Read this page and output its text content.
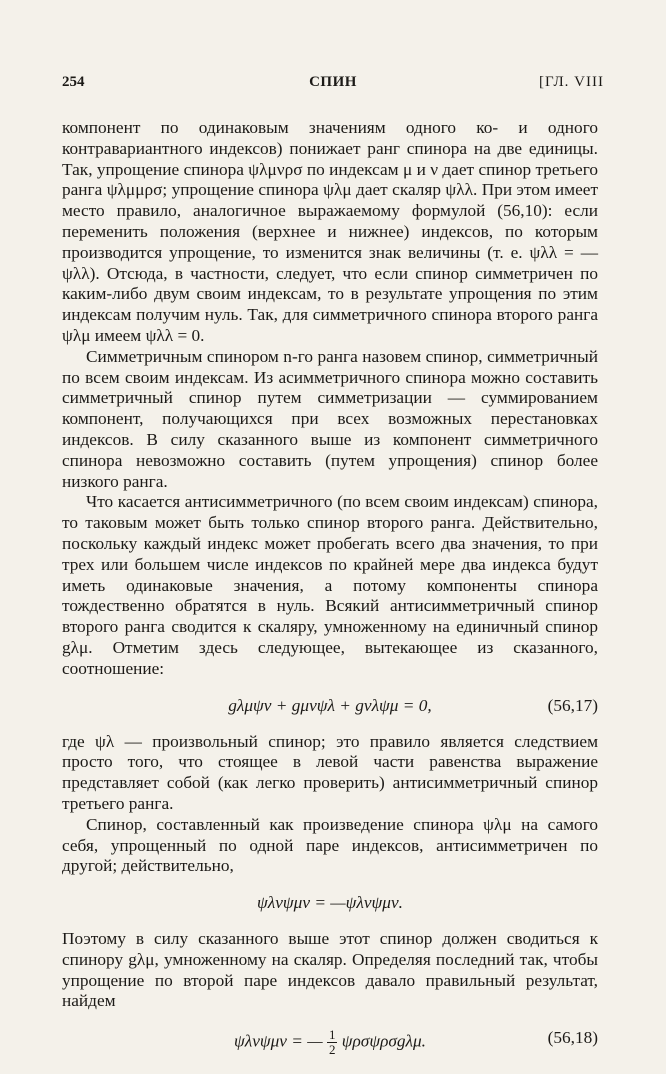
254	СПИН	[ГЛ. VIII

компонент по одинаковым значениям одного ко- и одного контравариантного индексов) понижает ранг спинора на две единицы. Так, упрощение спинора ψλμνρσ по индексам μ и ν дает спинор третьего ранга ψλμμρσ; упрощение спинора ψλμ дает скаляр ψλλ. При этом имеет место правило, аналогичное выражаемому формулой (56,10): если переменить положения (верхнее и нижнее) индексов, по которым производится упрощение, то изменится знак величины (т. е. ψλλ = — ψλλ). Отсюда, в частности, следует, что если спинор симметричен по каким-либо двум своим индексам, то в результате упрощения по этим индексам получим нуль. Так, для симметричного спинора второго ранга ψλμ имеем ψλλ = 0.

Симметричным спинором n-го ранга назовем спинор, симметричный по всем своим индексам. Из асимметричного спинора можно составить симметричный спинор путем симметризации — суммированием компонент, получающихся при всех возможных перестановках индексов. В силу сказанного выше из компонент симметричного спинора невозможно составить (путем упрощения) спинор более низкого ранга.

Что касается антисимметричного (по всем своим индексам) спинора, то таковым может быть только спинор второго ранга. Действительно, поскольку каждый индекс может пробегать всего два значения, то при трех или большем числе индексов по крайней мере два индекса будут иметь одинаковые значения, а потому компоненты спинора тождественно обратятся в нуль. Всякий антисимметричный спинор второго ранга сводится к скаляру, умноженному на единичный спинор gλμ. Отметим здесь следующее, вытекающее из сказанного, соотношение:

gλμψν + gμνψλ + gνλψμ = 0,	(56,17)

где ψλ — произвольный спинор; это правило является следствием просто того, что стоящее в левой части равенства выражение представляет собой (как легко проверить) антисимметричный спинор третьего ранга.

Спинор, составленный как произведение спинора ψλμ на самого себя, упрощенный по одной паре индексов, антисимметричен по другой; действительно,

ψλνψμν = —ψλνψμν.

Поэтому в силу сказанного выше этот спинор должен сводиться к спинору gλμ, умноженному на скаляр. Определяя последний так, чтобы упрощение по второй паре индексов давало правильный результат, найдем

ψλνψμν = — $\frac{1}{2} \psi\rho\sigma\psi\rho\sigma g\lambda\mu$.	(56,18)
